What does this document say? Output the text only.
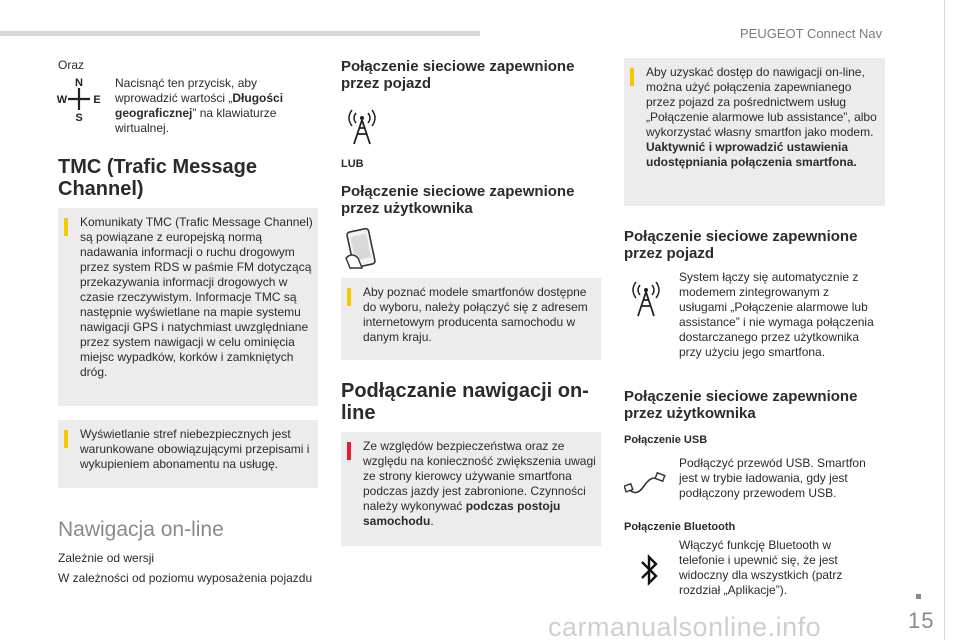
PEUGEOT Connect Nav
15
carmanualsonline.info
Oraz
N
W E
S
Nacisnąć ten przycisk, aby wprowadzić wartości „Długości geograficznej” na klawiaturze wirtualnej.
TMC (Trafic Message Channel)
Komunikaty TMC (Trafic Message Channel) są powiązane z europejską normą nadawania informacji o ruchu drogowym przez system RDS w paśmie FM dotyczącą przekazywania informacji drogowych w czasie rzeczywistym. Informacje TMC są następnie wyświetlane na mapie systemu nawigacji GPS i natychmiast uwzględniane przez system nawigacji w celu ominięcia miejsc wypadków, korków i zamkniętych dróg.
Wyświetlanie stref niebezpiecznych jest warunkowane obowiązującymi przepisami i wykupieniem abonamentu na usługę.
Nawigacja on-line
Zależnie od wersji
W zależności od poziomu wyposażenia pojazdu
Połączenie sieciowe zapewnione przez pojazd
LUB
Połączenie sieciowe zapewnione przez użytkownika
Aby poznać modele smartfonów dostępne do wyboru, należy połączyć się z adresem internetowym producenta samochodu w danym kraju.
Podłączanie nawigacji on-line
Ze względów bezpieczeństwa oraz ze względu na konieczność zwiększenia uwagi ze strony kierowcy używanie smartfona podczas jazdy jest zabronione. Czynności należy wykonywać podczas postoju samochodu.
Aby uzyskać dostęp do nawigacji on-line, można użyć połączenia zapewnianego przez pojazd za pośrednictwem usług „Połączenie alarmowe lub assistance”, albo wykorzystać własny smartfon jako modem.
Uaktywnić i wprowadzić ustawienia udostępniania połączenia smartfona.
Połączenie sieciowe zapewnione przez pojazd
System łączy się automatycznie z modemem zintegrowanym z usługami „Połączenie alarmowe lub assistance” i nie wymaga połączenia dostarczanego przez użytkownika przy użyciu jego smartfona.
Połączenie sieciowe zapewnione przez użytkownika
Połączenie USB
Podłączyć przewód USB. Smartfon jest w trybie ładowania, gdy jest podłączony przewodem USB.
Połączenie Bluetooth
Włączyć funkcję Bluetooth w telefonie i upewnić się, że jest widoczny dla wszystkich (patrz rozdział „Aplikacje”).
